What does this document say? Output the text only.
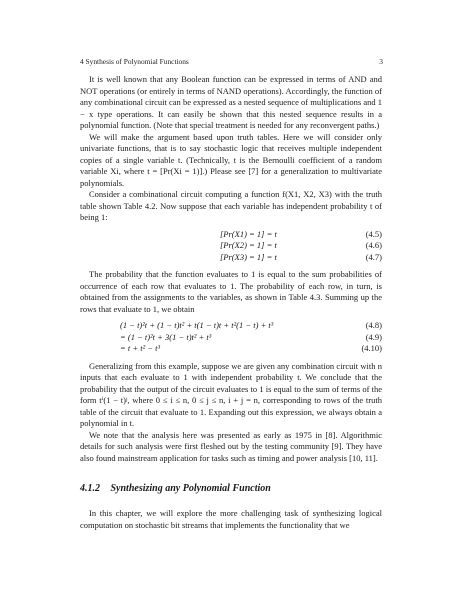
4 Synthesis of Polynomial Functions	3

It is well known that any Boolean function can be expressed in terms of AND and NOT operations (or entirely in terms of NAND operations). Accordingly, the function of any combinational circuit can be expressed as a nested sequence of multiplications and 1 − x type operations. It can easily be shown that this nested sequence results in a polynomial function. (Note that special treatment is needed for any reconvergent paths.)

We will make the argument based upon truth tables. Here we will consider only univariate functions, that is to say stochastic logic that receives multiple independent copies of a single variable t. (Technically, t is the Bernoulli coefficient of a random variable Xi, where t = [Pr(Xi = 1)].) Please see [7] for a generalization to multivariate polynomials.

Consider a combinational circuit computing a function f(X1, X2, X3) with the truth table shown Table 4.2. Now suppose that each variable has independent probability t of being 1:

[Pr(X1) = 1] = t	(4.5)
[Pr(X2) = 1] = t	(4.6)
[Pr(X3) = 1] = t	(4.7)

The probability that the function evaluates to 1 is equal to the sum probabilities of occurrence of each row that evaluates to 1. The probability of each row, in turn, is obtained from the assignments to the variables, as shown in Table 4.3. Summing up the rows that evaluate to 1, we obtain

(1 − t)²t + (1 − t)t² + t(1 − t)t + t²(1 − t) + t³	(4.8)
= (1 − t)²t + 3(1 − t)t² + t³	(4.9)
= t + t² − t³	(4.10)

Generalizing from this example, suppose we are given any combination circuit with n inputs that each evaluate to 1 with independent probability t. We conclude that the probability that the output of the circuit evaluates to 1 is equal to the sum of terms of the form tⁱ(1 − t)ʲ, where 0 ≤ i ≤ n, 0 ≤ j ≤ n, i + j = n, corresponding to rows of the truth table of the circuit that evaluate to 1. Expanding out this expression, we always obtain a polynomial in t.

We note that the analysis here was presented as early as 1975 in [8]. Algorithmic details for such analysis were first fleshed out by the testing community [9]. They have also found mainstream application for tasks such as timing and power analysis [10, 11].

4.1.2 Synthesizing any Polynomial Function

In this chapter, we will explore the more challenging task of synthesizing logical computation on stochastic bit streams that implements the functionality that we
